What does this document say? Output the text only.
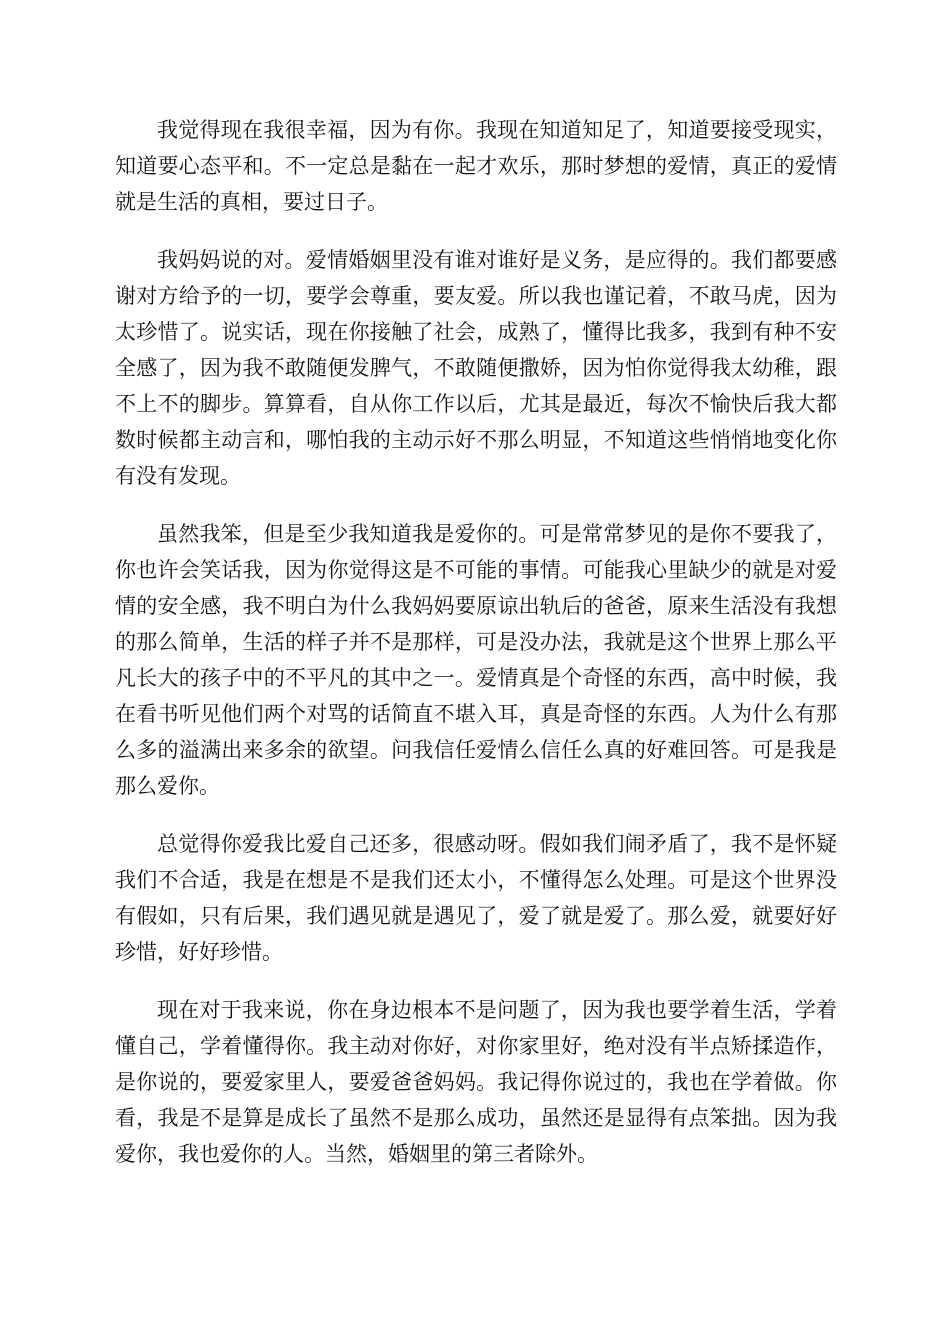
我觉得现在我很幸福，因为有你。我现在知道知足了，知道要接受现实，知道要心态平和。不一定总是黏在一起才欢乐，那时梦想的爱情，真正的爱情就是生活的真相，要过日子。

我妈妈说的对。爱情婚姻里没有谁对谁好是义务，是应得的。我们都要感谢对方给予的一切，要学会尊重，要友爱。所以我也谨记着，不敢马虎，因为太珍惜了。说实话，现在你接触了社会，成熟了，懂得比我多，我到有种不安全感了，因为我不敢随便发脾气，不敢随便撒娇，因为怕你觉得我太幼稚，跟不上不的脚步。算算看，自从你工作以后，尤其是最近，每次不愉快后我大都数时候都主动言和，哪怕我的主动示好不那么明显，不知道这些悄悄地变化你有没有发现。

虽然我笨，但是至少我知道我是爱你的。可是常常梦见的是你不要我了，你也许会笑话我，因为你觉得这是不可能的事情。可能我心里缺少的就是对爱情的安全感，我不明白为什么我妈妈要原谅出轨后的爸爸，原来生活没有我想的那么简单，生活的样子并不是那样，可是没办法，我就是这个世界上那么平凡长大的孩子中的不平凡的其中之一。爱情真是个奇怪的东西，高中时候，我在看书听见他们两个对骂的话简直不堪入耳，真是奇怪的东西。人为什么有那么多的溢满出来多余的欲望。问我信任爱情么信任么真的好难回答。可是我是那么爱你。

总觉得你爱我比爱自己还多，很感动呀。假如我们闹矛盾了，我不是怀疑我们不合适，我是在想是不是我们还太小，不懂得怎么处理。可是这个世界没有假如，只有后果，我们遇见就是遇见了，爱了就是爱了。那么爱，就要好好珍惜，好好珍惜。

现在对于我来说，你在身边根本不是问题了，因为我也要学着生活，学着懂自己，学着懂得你。我主动对你好，对你家里好，绝对没有半点矫揉造作，是你说的，要爱家里人，要爱爸爸妈妈。我记得你说过的，我也在学着做。你看，我是不是算是成长了虽然不是那么成功，虽然还是显得有点笨拙。因为我爱你，我也爱你的人。当然，婚姻里的第三者除外。
